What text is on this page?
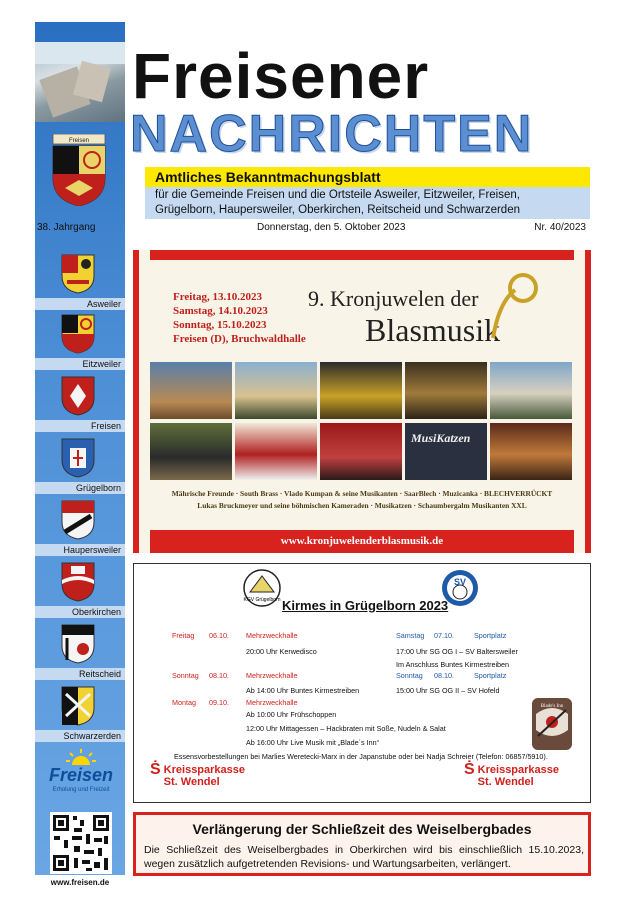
Freisen
Asweiler
Eitzweiler
Freisen
Grügelborn
Haupersweiler
Oberkirchen
Reitscheid
Schwarzerden
Freisen
Erholung und Freizeit
www.freisen.de
Freisener
NACHRICHTEN
Amtliches Bekanntmachungsblatt
für die Gemeinde Freisen und die Ortsteile Asweiler, Eitzweiler, Freisen,
Grügelborn, Haupersweiler, Oberkirchen, Reitscheid und Schwarzerden
38. Jahrgang	Donnerstag, den 5. Oktober 2023	Nr. 40/2023
Freitag, 13.10.2023
Samstag, 14.10.2023
Sonntag, 15.10.2023
Freisen (D), Bruchwaldhalle
9. Kronjuwelen der
Blasmusik
MusiKatzen
Mährische Freunde · South Brass · Vlado Kumpan & seine Musikanten · SaarBlech · Muzicanka · BLECHVERRÜCKT
Lukas Bruckmeyer und seine böhmischen Kameraden · Musikatzen · Schaumbergalm Musikanten XXL
www.kronjuwelenderblasmusik.de
KGV Grügelborn
SV
Kirmes in Grügelborn 2023
Freitag 06.10. Mehrzweckhalle
20:00 Uhr Kerwedisco
Sonntag 08.10. Mehrzweckhalle
Ab 14:00 Uhr Buntes Kirmestreiben
Montag 09.10. Mehrzweckhalle
Ab 10:00 Uhr Frühschoppen
12:00 Uhr Mittagessen – Hackbraten mit Soße, Nudeln & Salat
Ab 16:00 Uhr Live Musik mit „Blade´s Inn“
Samstag 07.10.	Sportplatz
17:00 Uhr SG OG I – SV Baltersweiler
Im Anschluss Buntes Kirmestreiben
Sonntag 08.10.	Sportplatz
15:00 Uhr SG OG II – SV Hofeld
Blade's Inn
Essensvorbestellungen bei Marlies Weretecki-Marx in der Japanstube oder bei Nadja Schreier (Telefon: 06857/5910).
Ṡ Kreissparkasse
St. Wendel
Ṡ Kreissparkasse
St. Wendel
Verlängerung der Schließzeit des Weiselbergbades
Die Schließzeit des Weiselbergbades in Oberkirchen wird bis einschließlich 15.10.2023, wegen zusätzlich aufgetretenden Revisions- und Wartungsarbeiten, verlängert.
